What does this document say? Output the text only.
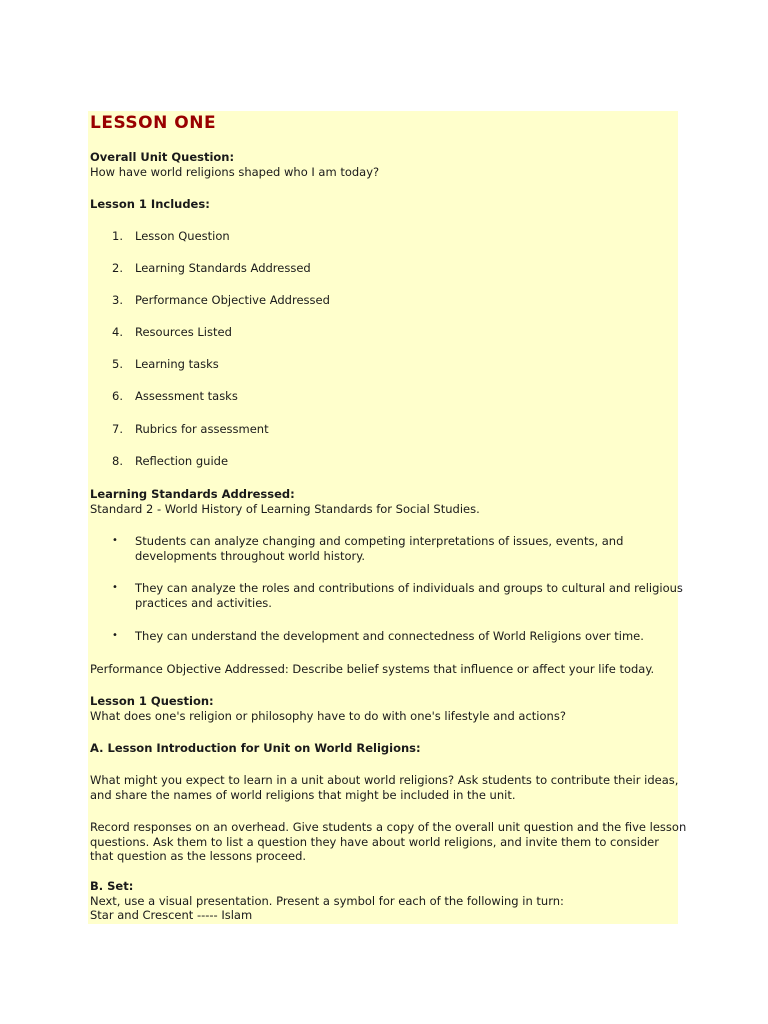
LESSON ONE
Overall Unit Question:
How have world religions shaped who I am today?
Lesson 1 Includes:
1.	Lesson Question
2.	Learning Standards Addressed
3.	Performance Objective Addressed
4.	Resources Listed
5.	Learning tasks
6.	Assessment tasks
7.	Rubrics for assessment
8.	Reflection guide
Learning Standards Addressed:
Standard 2 - World History of Learning Standards for Social Studies.
• Students can analyze changing and competing interpretations of issues, events, and
developments throughout world history.
• They can analyze the roles and contributions of individuals and groups to cultural and religious
practices and activities.
• They can understand the development and connectedness of World Religions over time.
Performance Objective Addressed: Describe belief systems that influence or affect your life today.
Lesson 1 Question:
What does one's religion or philosophy have to do with one's lifestyle and actions?
A. Lesson Introduction for Unit on World Religions:
What might you expect to learn in a unit about world religions? Ask students to contribute their ideas,
and share the names of world religions that might be included in the unit.
Record responses on an overhead. Give students a copy of the overall unit question and the five lesson
questions. Ask them to list a question they have about world religions, and invite them to consider
that question as the lessons proceed.
B. Set:
Next, use a visual presentation. Present a symbol for each of the following in turn:
Star and Crescent ----- Islam
